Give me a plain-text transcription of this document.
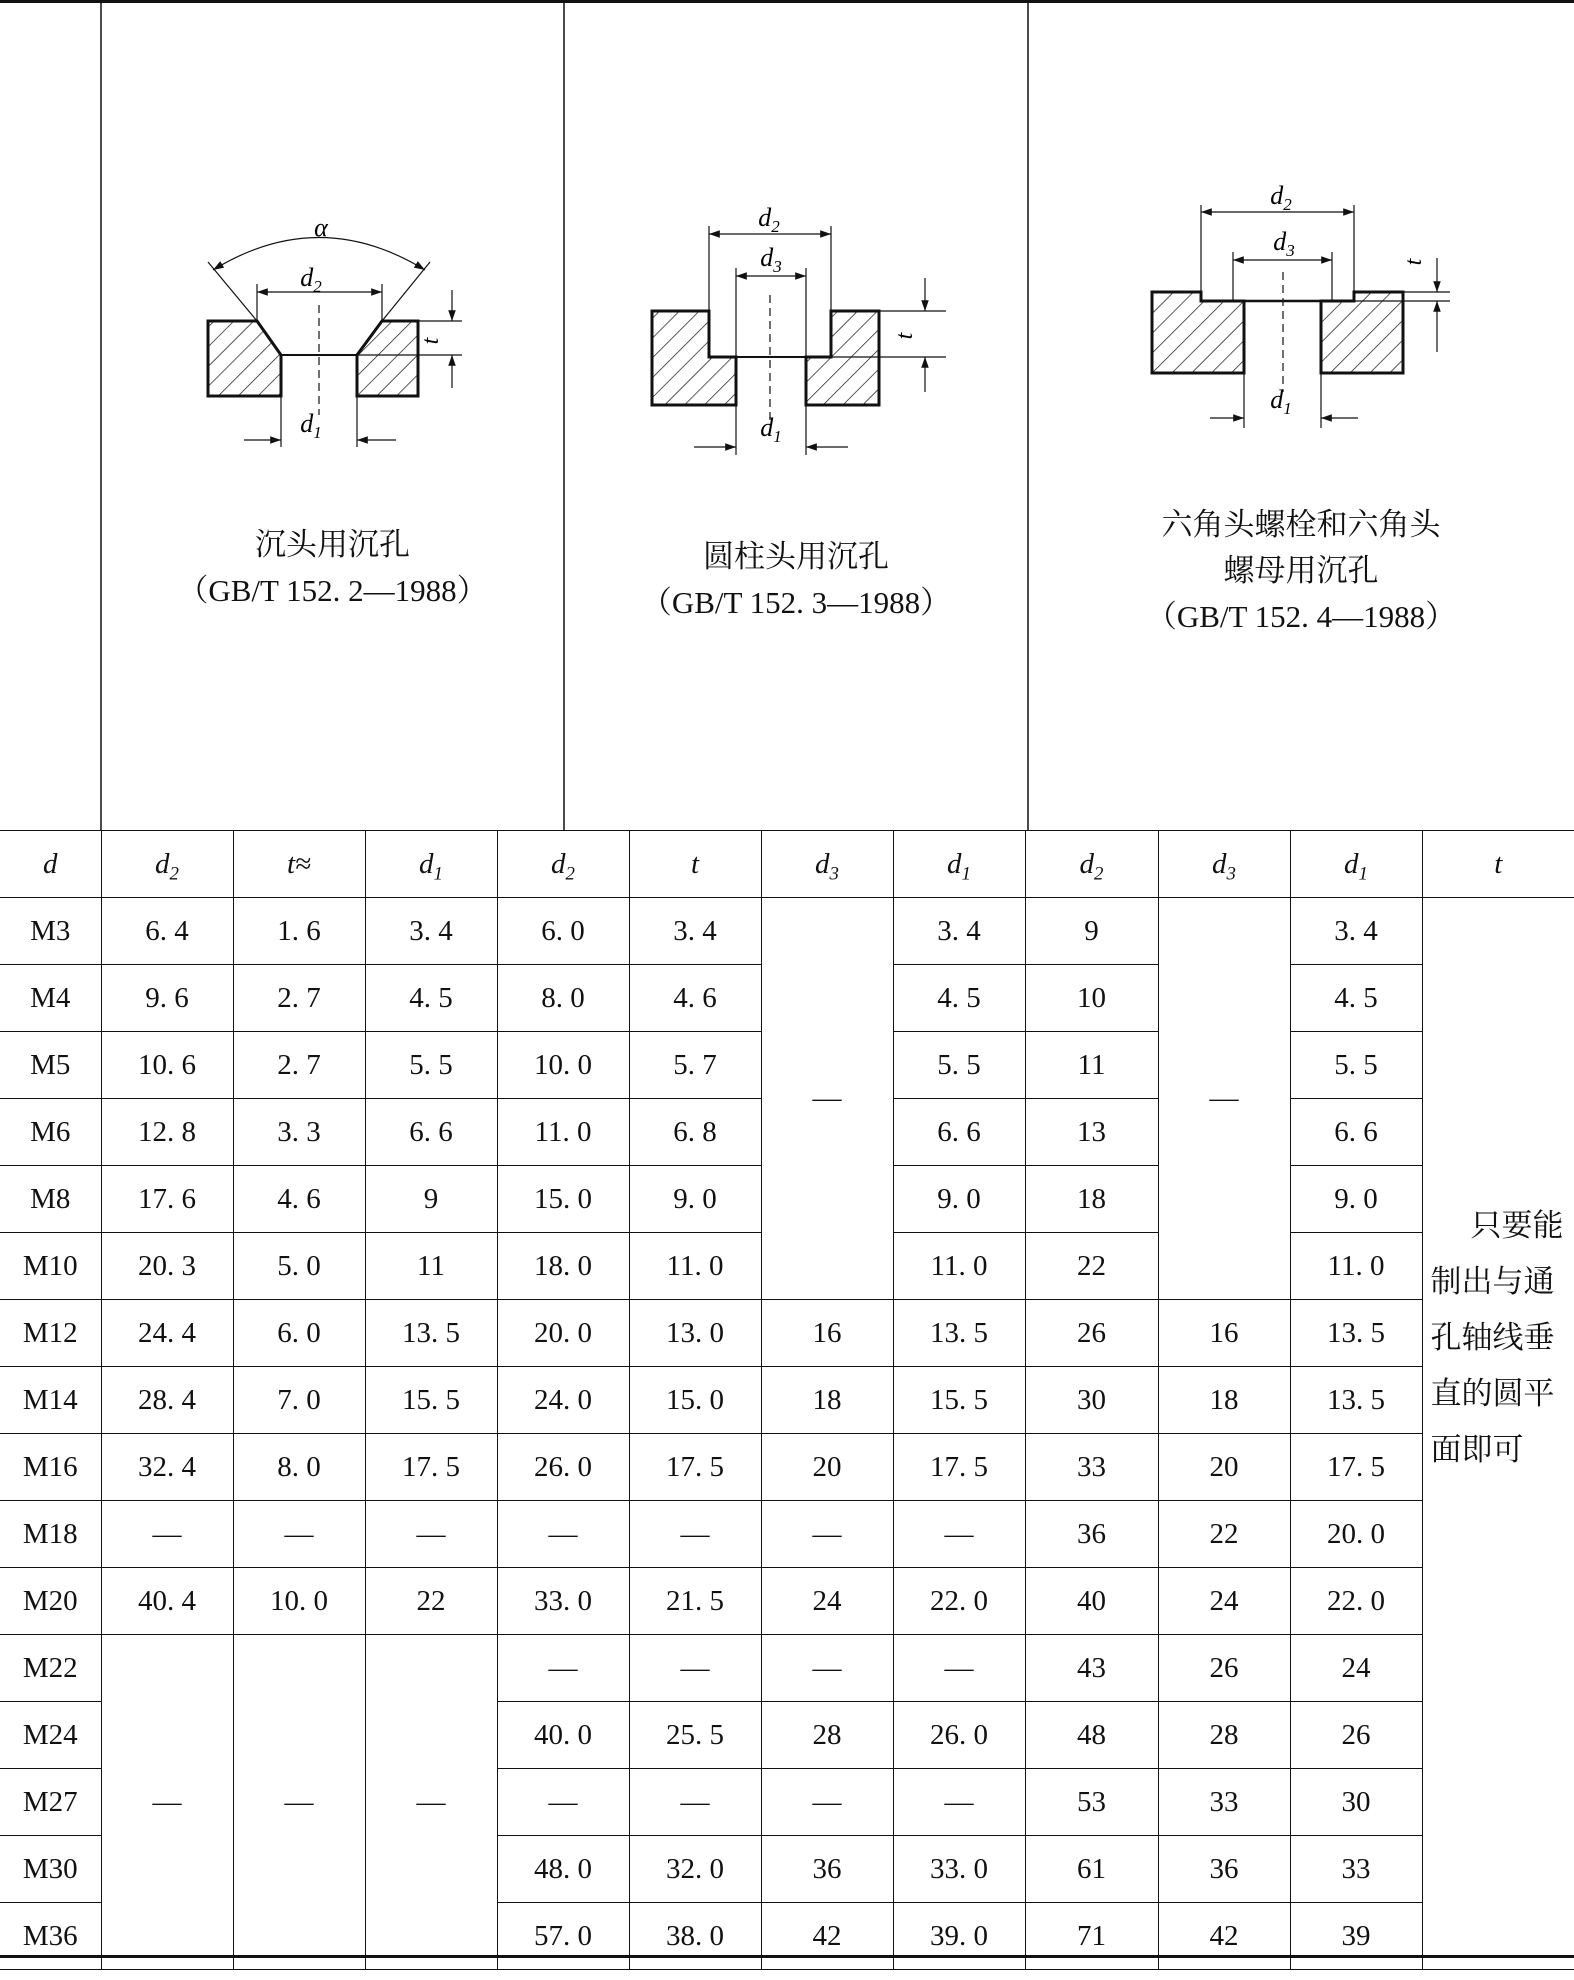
α
$d_2$
t
$d_1$
$d_2$
$d_3$
t
$d_1$
$d_2$
$d_3$
t
$d_1$
沉头用沉孔
（GB/T 152. 2—1988）
圆柱头用沉孔
（GB/T 152. 3—1988）
六角头螺栓和六角头
螺母用沉孔
（GB/T 152. 4—1988）
d	$d_2$	t≈	$d_1$	$d_2$	t	$d_3$	$d_1$	$d_2$	$d_3$	$d_1$	t
M3	6. 4	1. 6	3. 4	6. 0	3. 4	—	3. 4	9	—	3. 4	只要能
制出与通
孔轴线垂
直的圆平
面即可

M4	9. 6	2. 7	4. 5	8. 0	4. 6		4. 5	10		4. 5	
M5	10. 6	2. 7	5. 5	10. 0	5. 7		5. 5	11		5. 5	
M6	12. 8	3. 3	6. 6	11. 0	6. 8		6. 6	13		6. 6	
M8	17. 6	4. 6	9	15. 0	9. 0		9. 0	18		9. 0	
M10	20. 3	5. 0	11	18. 0	11. 0		11. 0	22		11. 0	
M12	24. 4	6. 0	13. 5	20. 0	13. 0	16	13. 5	26	16	13. 5	
M14	28. 4	7. 0	15. 5	24. 0	15. 0	18	15. 5	30	18	13. 5	
M16	32. 4	8. 0	17. 5	26. 0	17. 5	20	17. 5	33	20	17. 5	
M18	—	—	—	—	—	—	—	36	22	20. 0	
M20	40. 4	10. 0	22	33. 0	21. 5	24	22. 0	40	24	22. 0	
M22	—	—	—	—	—	—	—	43	26	24	
M24				40. 0	25. 5	28	26. 0	48	28	26	
M27				—	—	—	—	53	33	30	
M30				48. 0	32. 0	36	33. 0	61	36	33	
M36				57. 0	38. 0	42	39. 0	71	42	39	
